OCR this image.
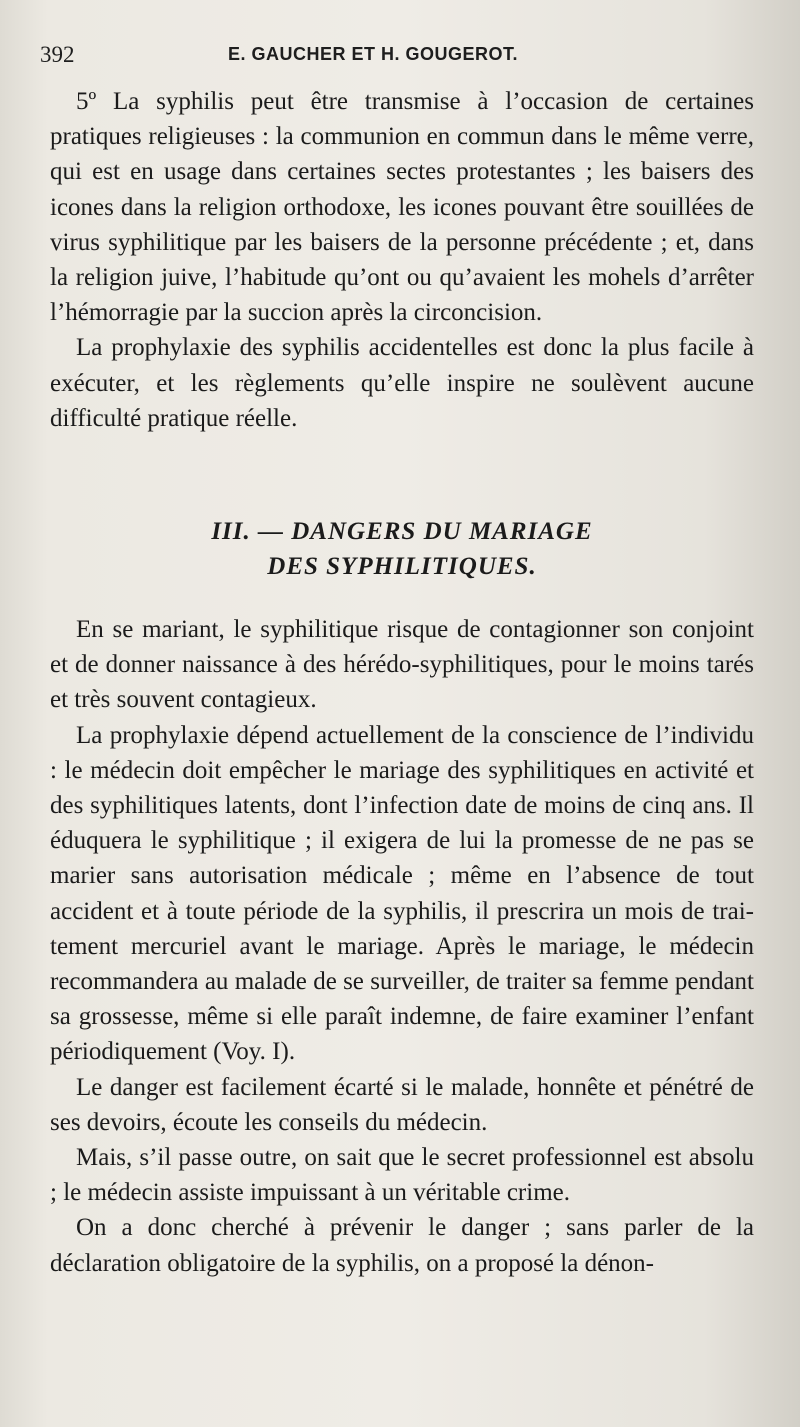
392	E. GAUCHER ET H. GOUGEROT.

5º La syphilis peut être transmise à l’occasion de certaines pratiques religieuses : la communion en commun dans le même verre, qui est en usage dans certaines sectes protestantes ; les baisers des icones dans la religion orthodoxe, les icones pouvant être souillées de virus syphilitique par les baisers de la personne précédente ; et, dans la religion juive, l’habitude qu’ont ou qu’avaient les mohels d’arrêter l’hémorragie par la succion après la circoncision.

La prophylaxie des syphilis accidentelles est donc la plus facile à exécuter, et les règlements qu’elle inspire ne soulèvent aucune difficulté pratique réelle.

III. — DANGERS DU MARIAGE
DES SYPHILITIQUES.

En se mariant, le syphilitique risque de contagionner son conjoint et de donner naissance à des hérédo-syphilitiques, pour le moins tarés et très souvent contagieux.

La prophylaxie dépend actuellement de la conscience de l’individu : le médecin doit empêcher le mariage des syphilitiques en activité et des syphilitiques latents, dont l’infection date de moins de cinq ans. Il éduquera le syphilitique ; il exigera de lui la promesse de ne pas se marier sans autorisation médicale ; même en l’absence de tout accident et à toute période de la syphilis, il prescrira un mois de traitement mercuriel avant le mariage. Après le mariage, le médecin recommandera au malade de se surveiller, de traiter sa femme pendant sa grossesse, même si elle paraît indemne, de faire examiner l’enfant périodiquement (Voy. I).

Le danger est facilement écarté si le malade, honnête et pénétré de ses devoirs, écoute les conseils du médecin.

Mais, s’il passe outre, on sait que le secret professionnel est absolu ; le médecin assiste impuissant à un véritable crime.

On a donc cherché à prévenir le danger ; sans parler de la déclaration obligatoire de la syphilis, on a proposé la dénon-
